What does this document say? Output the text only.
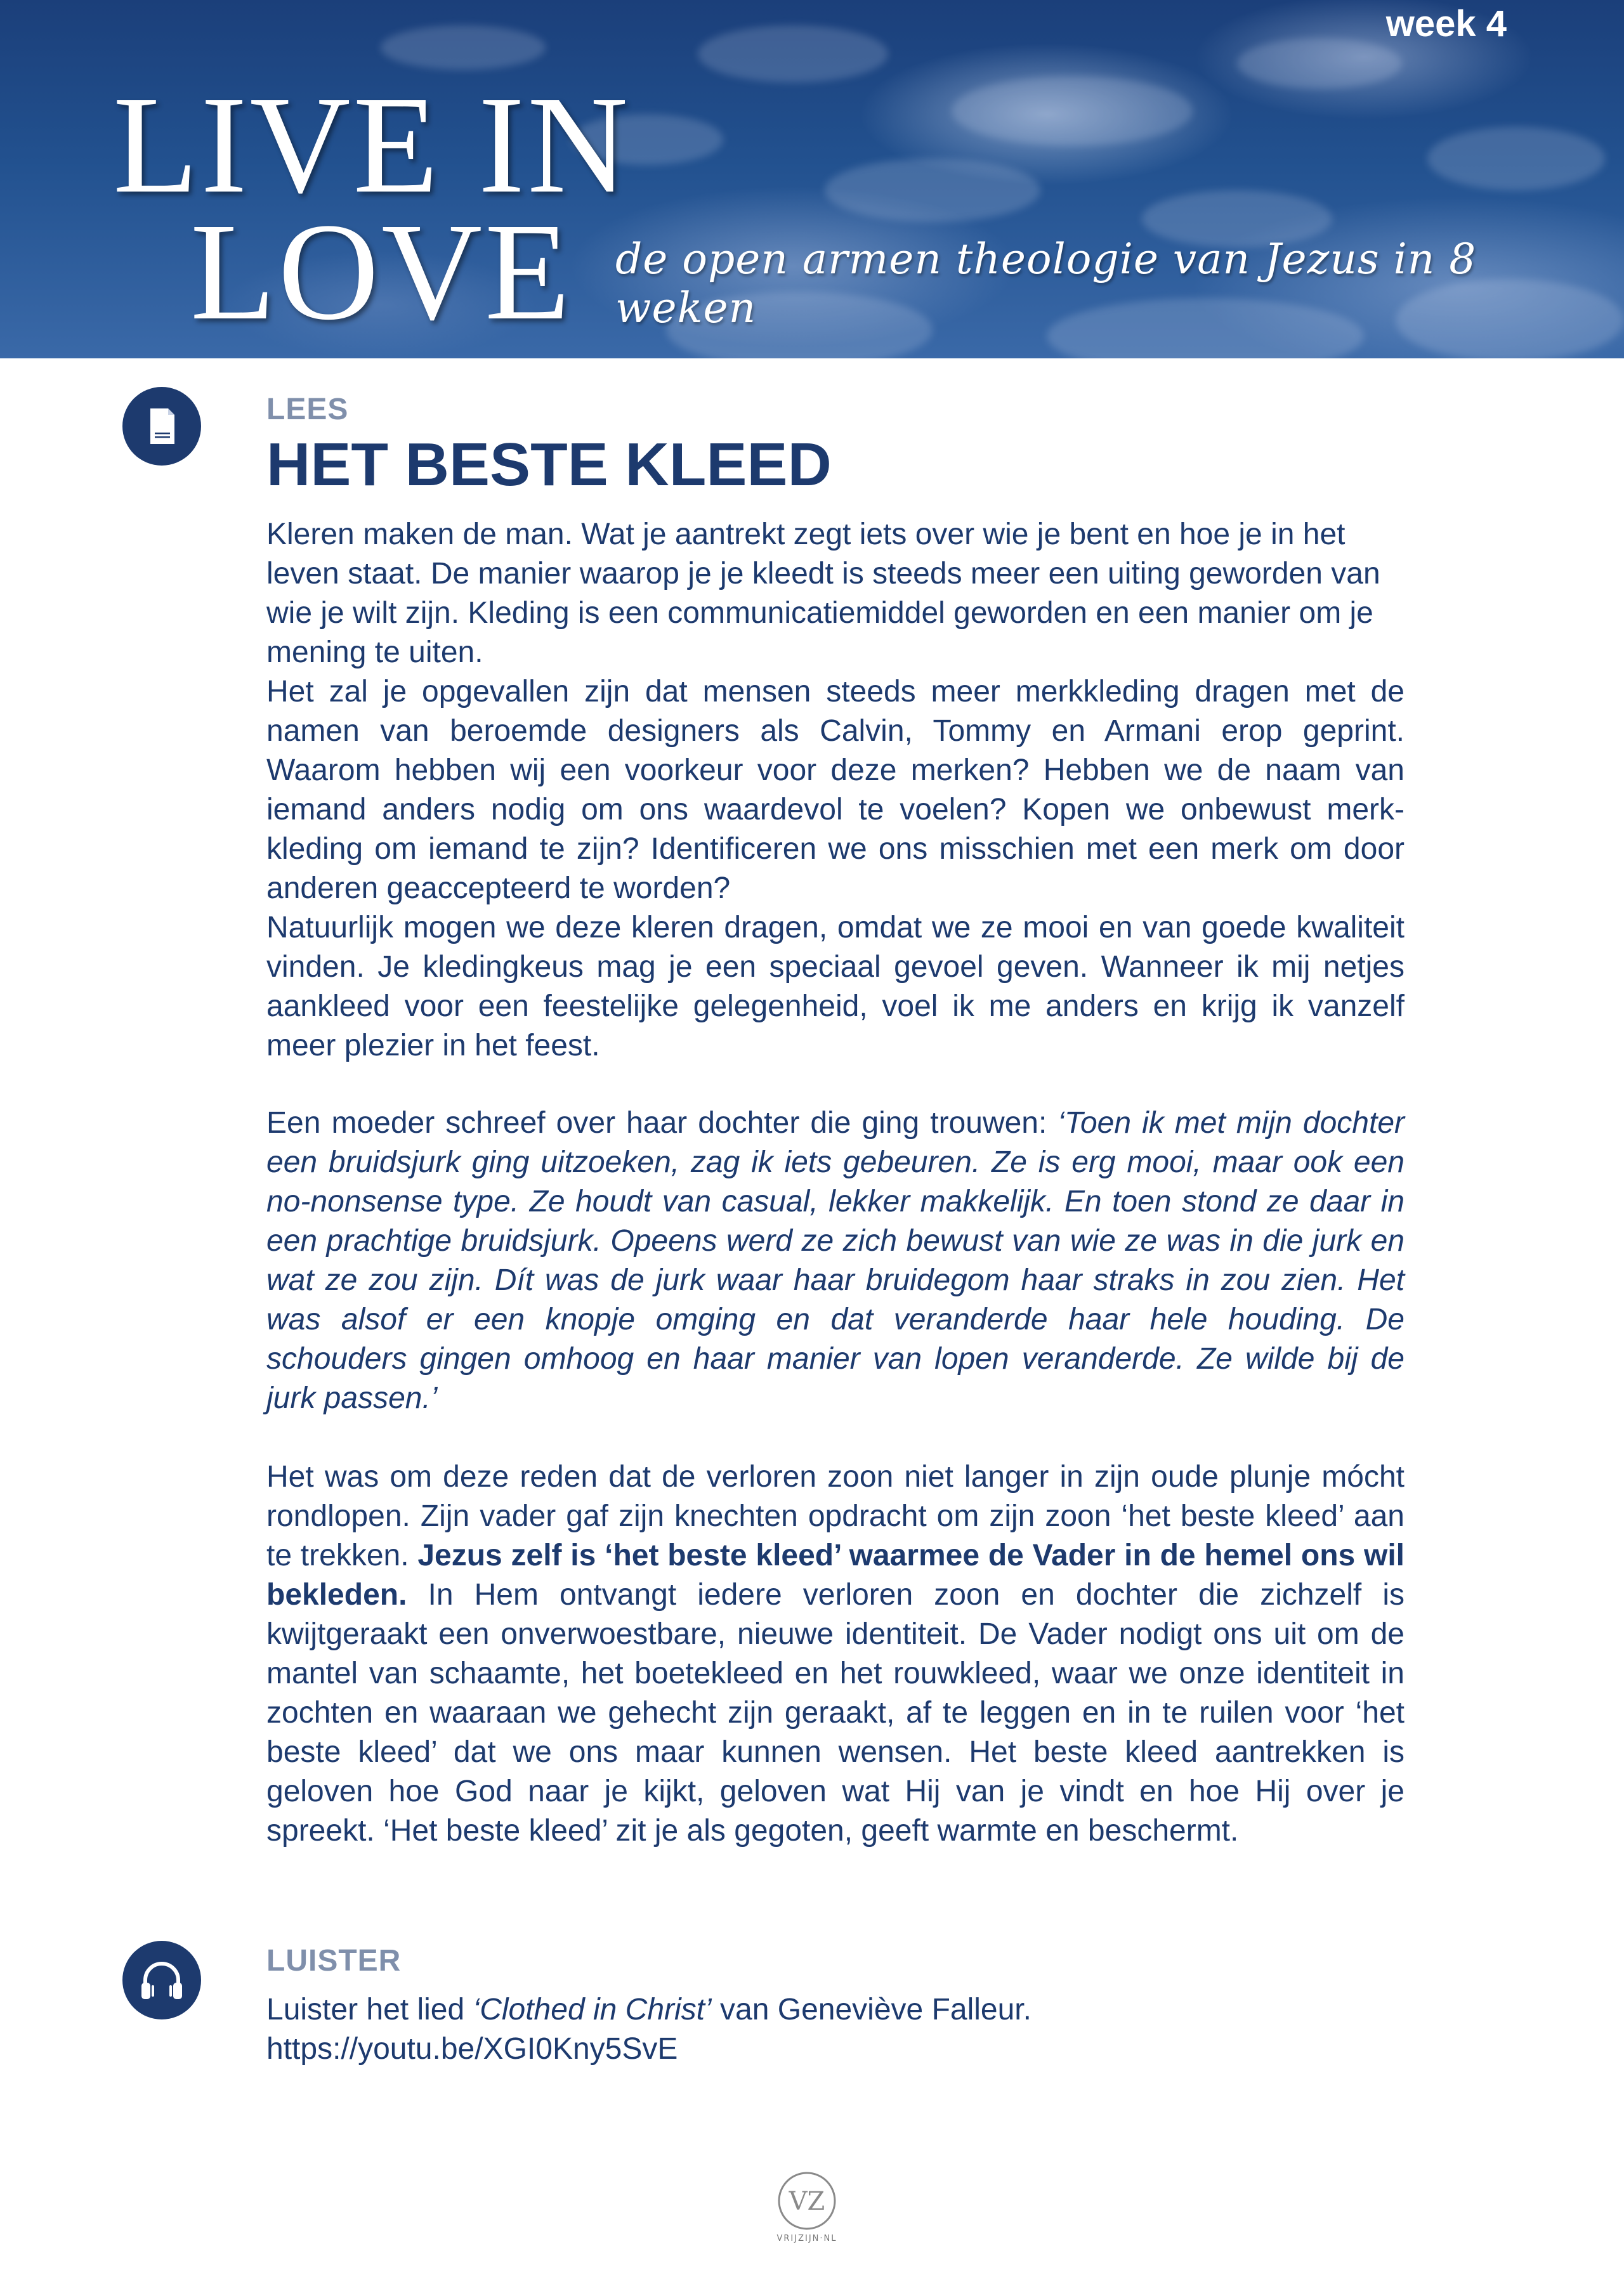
week 4
LIVE IN
LOVE de open armen theologie van Jezus in 8 weken
LEES
HET BESTE KLEED

Kleren maken de man. Wat je aantrekt zegt iets over wie je bent en hoe je in het leven staat. De manier waarop je je kleedt is steeds meer een uiting geworden van wie je wilt zijn. Kleding is een communicatiemiddel geworden en een manier om je mening te uiten.

Het zal je opgevallen zijn dat mensen steeds meer merkkleding dragen met de namen van beroemde designers als Calvin, Tommy en Armani erop geprint. Waarom hebben wij een voorkeur voor deze merken? Hebben we de naam van iemand anders nodig om ons waardevol te voelen? Kopen we onbewust merkkleding om iemand te zijn? Identificeren we ons misschien met een merk om door anderen geaccepteerd te worden?

Natuurlijk mogen we deze kleren dragen, omdat we ze mooi en van goede kwaliteit vinden. Je kledingkeus mag je een speciaal gevoel geven. Wanneer ik mij netjes aankleed voor een feestelijke gelegenheid, voel ik me anders en krijg ik vanzelf meer plezier in het feest.

Een moeder schreef over haar dochter die ging trouwen: ‘Toen ik met mijn dochter een bruidsjurk ging uitzoeken, zag ik iets gebeuren. Ze is erg mooi, maar ook een no-nonsense type. Ze houdt van casual, lekker makkelijk. En toen stond ze daar in een prachtige bruidsjurk. Opeens werd ze zich bewust van wie ze was in die jurk en wat ze zou zijn. Dít was de jurk waar haar bruidegom haar straks in zou zien. Het was alsof er een knopje omging en dat veranderde haar hele houding. De schouders gingen omhoog en haar manier van lopen veranderde. Ze wilde bij de jurk passen.’

Het was om deze reden dat de verloren zoon niet langer in zijn oude plunje mócht rondlopen. Zijn vader gaf zijn knechten opdracht om zijn zoon ‘het beste kleed’ aan te trekken. Jezus zelf is ‘het beste kleed’ waarmee de Vader in de hemel ons wil bekleden. In Hem ontvangt iedere verloren zoon en dochter die zichzelf is kwijtgeraakt een onverwoestbare, nieuwe identiteit. De Vader nodigt ons uit om de mantel van schaamte, het boetekleed en het rouwkleed, waar we onze identiteit in zochten en waaraan we gehecht zijn geraakt, af te leggen en in te ruilen voor ‘het beste kleed’ dat we ons maar kunnen wensen. Het beste kleed aantrekken is geloven hoe God naar je kijkt, geloven wat Hij van je vindt en hoe Hij over je spreekt. ‘Het beste kleed’ zit je als gegoten, geeft warmte en beschermt.

LUISTER
Luister het lied ‘Clothed in Christ’ van Geneviève Falleur.
https://youtu.be/XGI0Kny5SvE
VZ
VRIJZIJN·NL
